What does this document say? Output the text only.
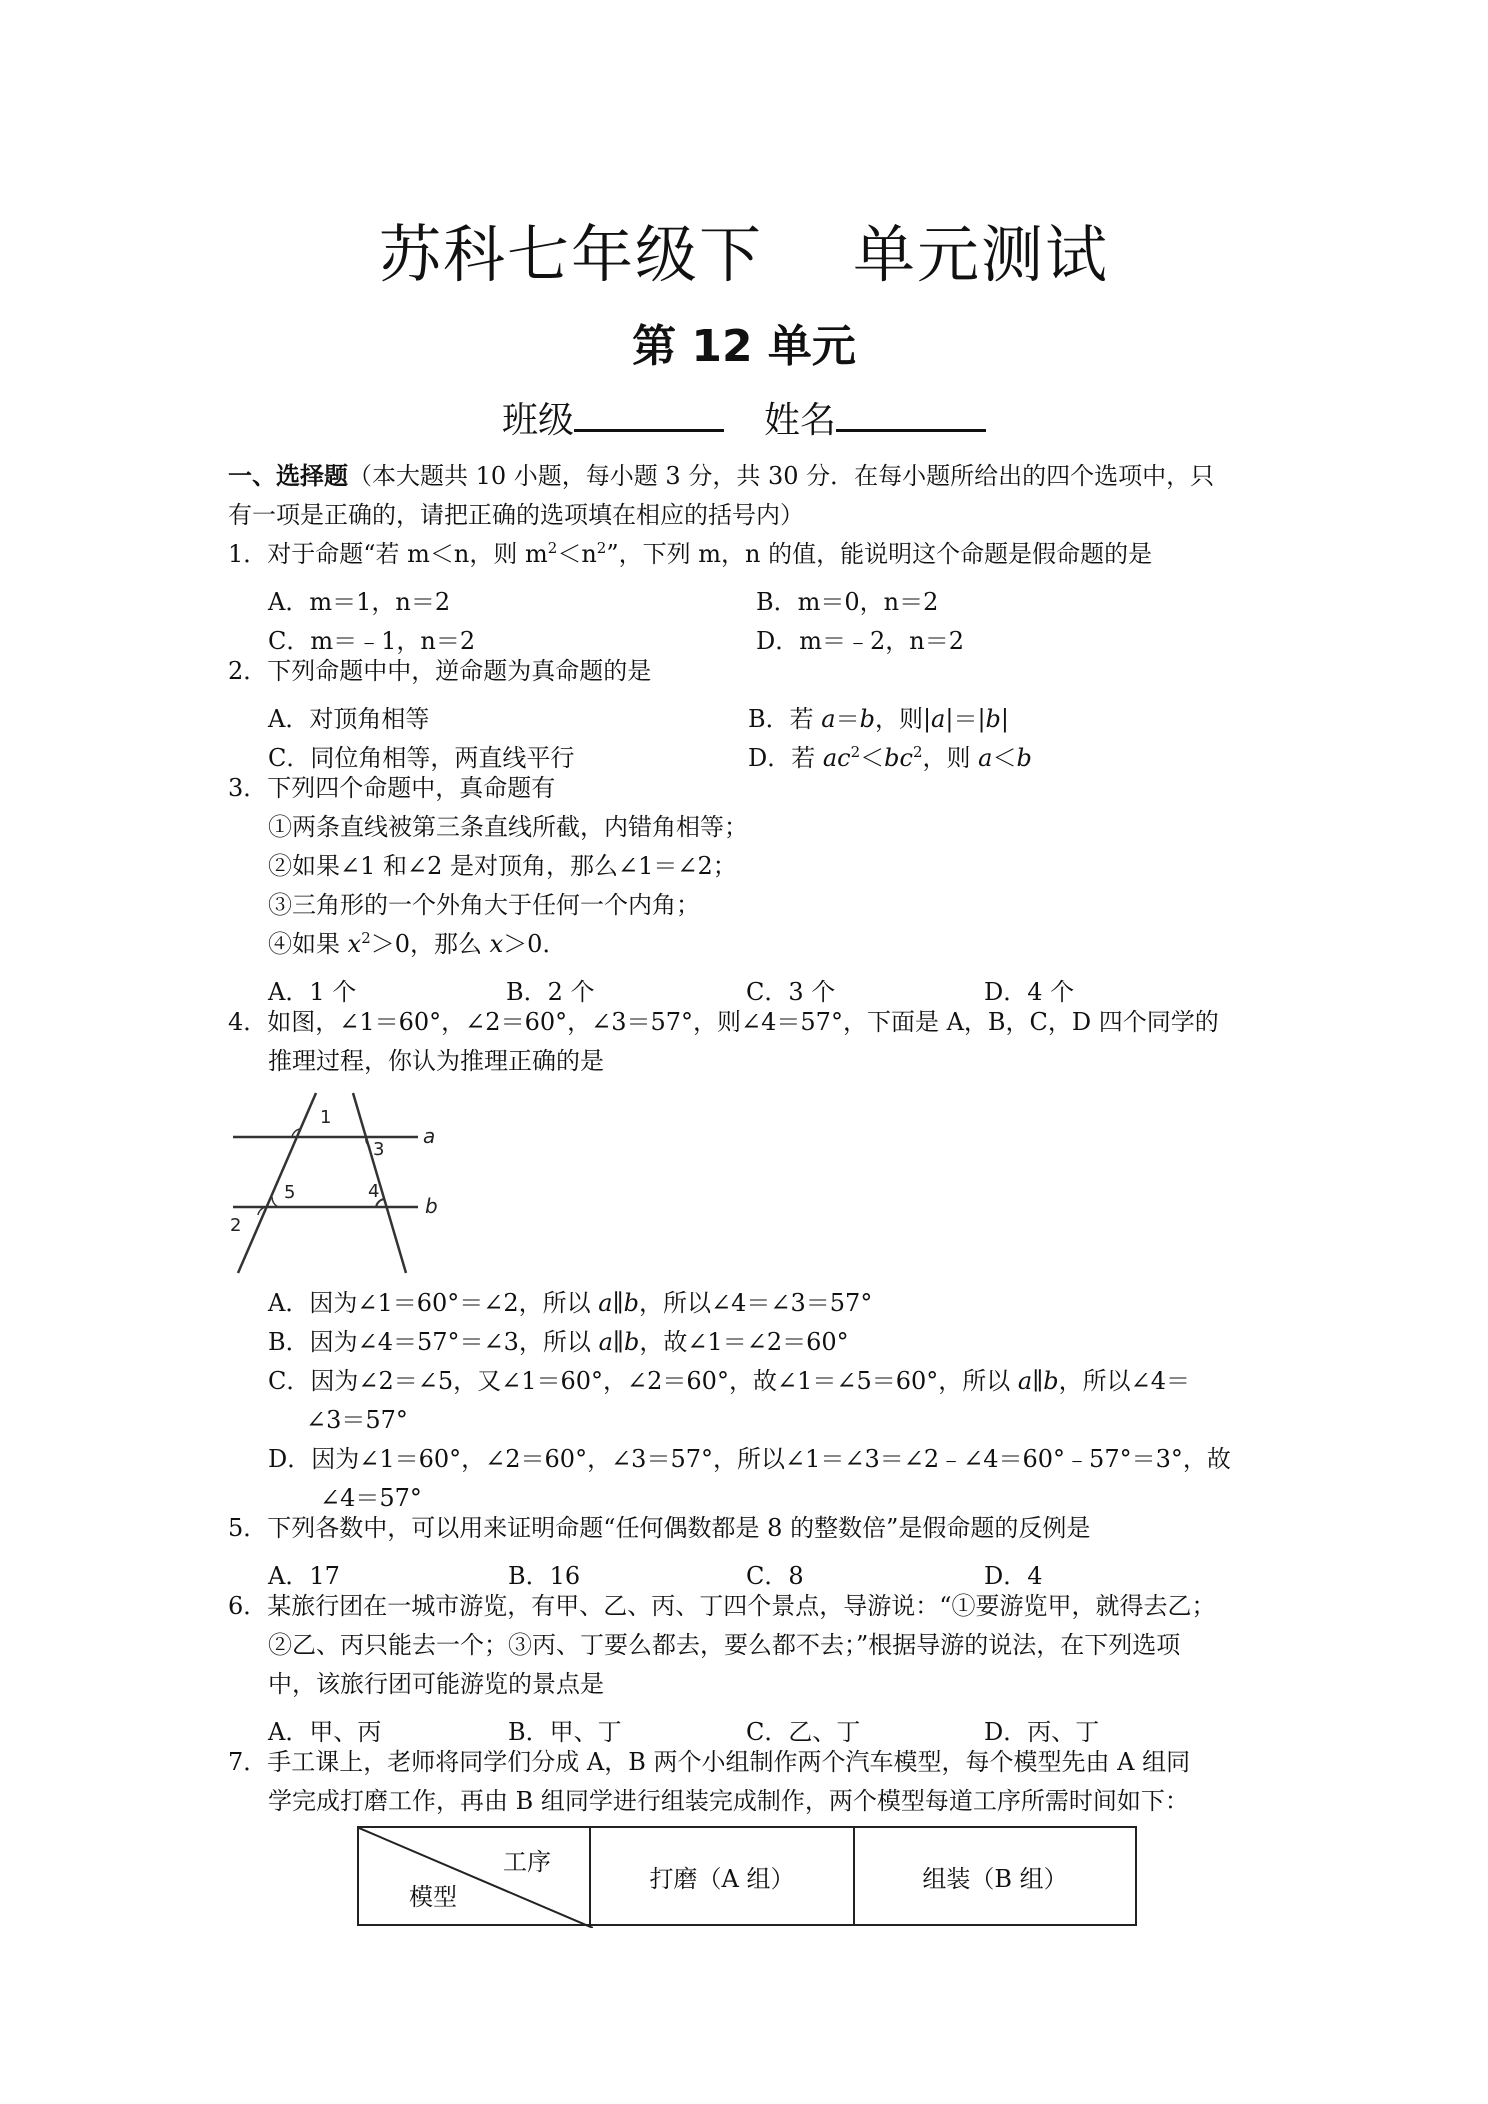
苏科七年级下 单元测试
第 12 单元
班级	姓名
一、选择题（本大题共 10 小题，每小题 3 分，共 30 分．在每小题所给出的四个选项中，只
有一项是正确的，请把正确的选项填在相应的括号内）
1．对于命题“若 m＜n，则 $m^2<n^2$”，下列 m，n 的值，能说明这个命题是假命题的是
A．m＝1，n＝2	B．m＝0，n＝2
C．m＝﹣1，n＝2	D．m＝﹣2，n＝2
2．下列命题中中，逆命题为真命题的是
A．对顶角相等	B．若 a＝b，则|a|＝|b|
C．同位角相等，两直线平行	D．若 $ac^2<bc^2$，则 a＜b
3．下列四个命题中，真命题有
①两条直线被第三条直线所截，内错角相等；
②如果∠1 和∠2 是对顶角，那么∠1＝∠2；
③三角形的一个外角大于任何一个内角；
④如果 $x^2>0$，那么 x＞0．
A．1 个	B．2 个	C．3 个	D．4 个
4．如图，∠1＝60°，∠2＝60°，∠3＝57°，则∠4＝57°，下面是 A，B，C，D 四个同学的
推理过程，你认为推理正确的是
1
3
a
5	4
b
2
A．因为∠1＝60°＝∠2，所以 a∥b，所以∠4＝∠3＝57°
B．因为∠4＝57°＝∠3，所以 a∥b，故∠1＝∠2＝60°
C．因为∠2＝∠5，又∠1＝60°，∠2＝60°，故∠1＝∠5＝60°，所以 a∥b，所以∠4＝
∠3＝57°
D．因为∠1＝60°，∠2＝60°，∠3＝57°，所以∠1＝∠3＝∠2﹣∠4＝60°﹣57°＝3°，故
∠4＝57°
5．下列各数中，可以用来证明命题“任何偶数都是 8 的整数倍”是假命题的反例是
A．17	B．16	C．8	D．4
6．某旅行团在一城市游览，有甲、乙、丙、丁四个景点，导游说：“①要游览甲，就得去乙；
②乙、丙只能去一个；③丙、丁要么都去，要么都不去；”根据导游的说法，在下列选项
中，该旅行团可能游览的景点是
A．甲、丙	B．甲、丁	C．乙、丁	D．丙、丁
7．手工课上，老师将同学们分成 A，B 两个小组制作两个汽车模型，每个模型先由 A 组同
学完成打磨工作，再由 B 组同学进行组装完成制作，两个模型每道工序所需时间如下：
工序
模型
	打磨（A 组）	组装（B 组）
